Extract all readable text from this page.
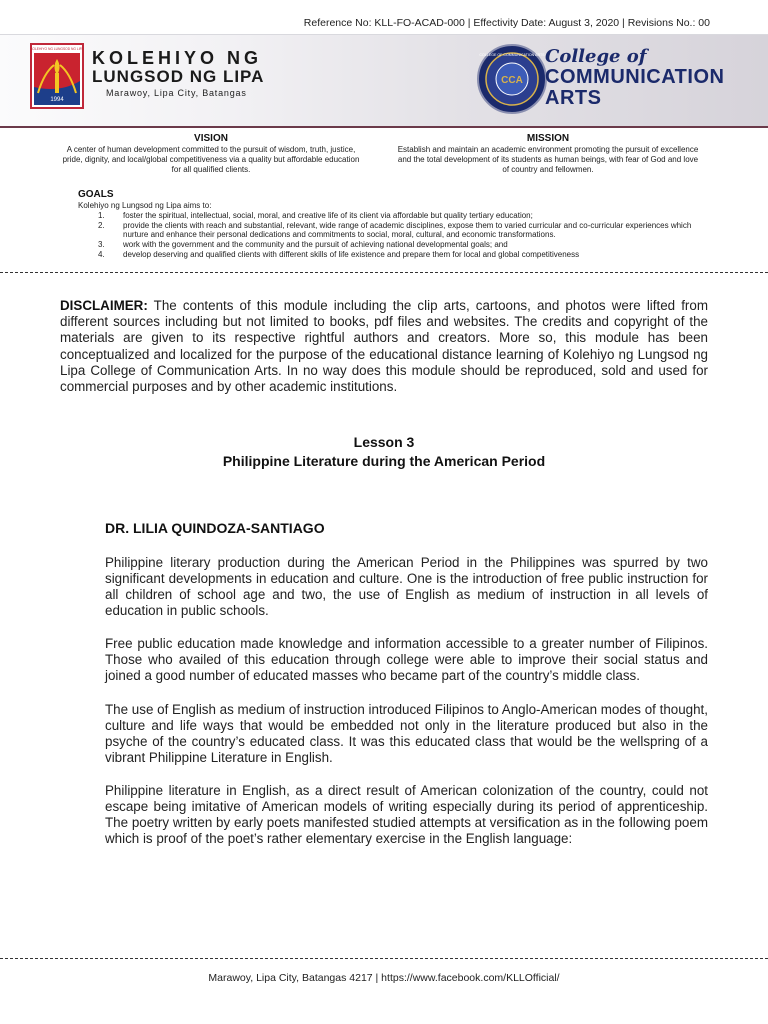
Reference No: KLL-FO-ACAD-000 | Effectivity Date: August 3, 2020 | Revisions No.: 00
1994
KOLEHIYO NG LUNGSOD NG LIPA KOLEHIYO NG
LUNGSOD NG LIPA
Marawoy, Lipa City, Batangas
CCA
COLLEGE OF COMMUNICATION ARTS College of
COMMUNICATION
ARTS
VISION

A center of human development committed to the pursuit of wisdom, truth, justice, pride, dignity, and local/global competitiveness via a quality but affordable education for all qualified clients.

MISSION

Establish and maintain an academic environment promoting the pursuit of excellence and the total development of its students as human beings, with fear of God and love of country and fellowmen.

GOALS

Kolehiyo ng Lungsod ng Lipa aims to:

1.	foster the spiritual, intellectual, social, moral, and creative life of its client via affordable but quality tertiary education;
2.	provide the clients with reach and substantial, relevant, wide range of academic disciplines, expose them to varied curricular and co-curricular experiences which nurture and enhance their personal dedications and commitments to social, moral, cultural, and economic transformations.
3.	work with the government and the community and the pursuit of achieving national developmental goals; and
4.	develop deserving and qualified clients with different skills of life existence and prepare them for local and global competitiveness
DISCLAIMER: The contents of this module including the clip arts, cartoons, and photos were lifted from different sources including but not limited to books, pdf files and websites. The credits and copyright of the materials are given to its respective rightful authors and creators. More so, this module has been conceptualized and localized for the purpose of the educational distance learning of Kolehiyo ng Lungsod ng Lipa College of Communication Arts. In no way does this module should be reproduced, sold and used for commercial purposes and by other academic institutions.
Lesson 3
Philippine Literature during the American Period
DR. LILIA QUINDOZA-SANTIAGO

Philippine literary production during the American Period in the Philippines was spurred by two significant developments in education and culture. One is the introduction of free public instruction for all children of school age and two, the use of English as medium of instruction in all levels of education in public schools.

Free public education made knowledge and information accessible to a greater number of Filipinos. Those who availed of this education through college were able to improve their social status and joined a good number of educated masses who became part of the country’s middle class.

The use of English as medium of instruction introduced Filipinos to Anglo-American modes of thought, culture and life ways that would be embedded not only in the literature produced but also in the psyche of the country’s educated class. It was this educated class that would be the wellspring of a vibrant Philippine Literature in English.

Philippine literature in English, as a direct result of American colonization of the country, could not escape being imitative of American models of writing especially during its period of apprenticeship. The poetry written by early poets manifested studied attempts at versification as in the following poem which is proof of the poet’s rather elementary exercise in the English language:

Marawoy, Lipa City, Batangas 4217 | https://www.facebook.com/KLLOfficial/
